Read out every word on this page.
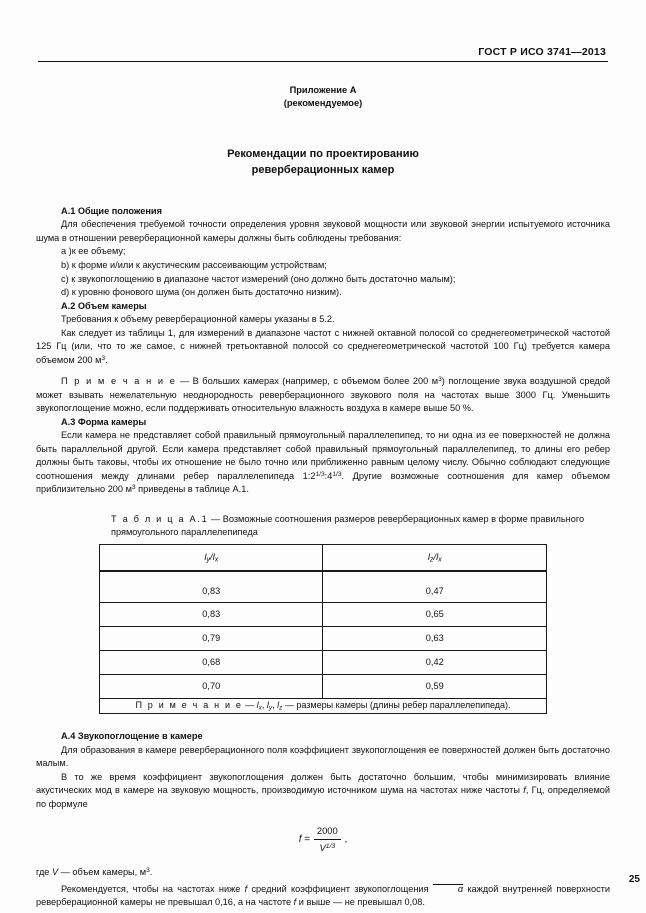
ГОСТ Р ИСО 3741—2013
Приложение А
(рекомендуемое)
Рекомендации по проектированию
реверберационных камер

А.1 Общие положения

Для обеспечения требуемой точности определения уровня звуковой мощности или звуковой энергии испытуемого источника шума в отношении реверберационной камеры должны быть соблюдены требования:

a )к ее объему;

b) к форме и/или к акустическим рассеивающим устройствам;

c) к звукопоглощению в диапазоне частот измерений (оно должно быть достаточно малым);

d) к уровню фонового шума (он должен быть достаточно низким).

А.2 Объем камеры

Требования к объему реверберационной камеры указаны в 5.2.

Как следует из таблицы 1, для измерений в диапазоне частот с нижней октавной полосой со среднегеометрической частотой 125 Гц (или, что то же самое, с нижней третьоктавной полосой со среднегеометрической частотой 100 Гц) требуется камера объемом 200 $м^3$.

П р и м е ч а н и е — В больших камерах (например, с объемом более 200 $м^3$) поглощение звука воздушной средой может взывать нежелательную неоднородность реверберационного звукового поля на частотах выше 3000 Гц. Уменьшить звукопоглощение можно, если поддерживать относительную влажность воздуха в камере выше 50 %.

А.3 Форма камеры

Если камера не представляет собой правильный прямоугольный параллелепипед, то ни одна из ее поверхностей не должна быть параллельной другой. Если камера представляет собой правильный прямоугольный параллелепипед, то длины его ребер должны быть таковы, чтобы их отношение не было точно или приближенно равным целому числу. Обычно соблюдают следующие соотношения между длинами ребер параллелепипеда $1:2^{1/3}:4^{1/3}$. Другие возможные соотношения для камер объемом приблизительно 200 $м^3$ приведены в таблице А.1.

Т а б л и ц а А.1 — Возможные соотношения размеров реверберационных камер в форме правильного прямоугольного параллелепипеда

$l_y/l_x$	$l_z/l_x$
0,83	0,47
0,83	0,65
0,79	0,63
0,68	0,42
0,70	0,59
П р и м е ч а н и е — $l_x$, $l_y$, $l_z$ — размеры камеры (длины ребер параллелепипеда).	

А.4 Звукопоглощение в камере

Для образования в камере реверберационного поля коэффициент звукопоглощения ее поверхностей должен быть достаточно малым.

В то же время коэффициент звукопоглощения должен быть достаточно большим, чтобы минимизировать влияние акустических мод в камере на звуковую мощность, производимую источником шума на частотах ниже частоты f, Гц, определяемой по формуле

$f = \frac{2000}{V^{1/3}}$ ,

где V — объем камеры, $м^3$.

Рекомендуется, чтобы на частотах ниже f средний коэффициент звукопоглощения	α каждой внутренней поверхности реверберационной камеры не превышал 0,16, а на частоте f и выше — не превышал 0,08.

25
